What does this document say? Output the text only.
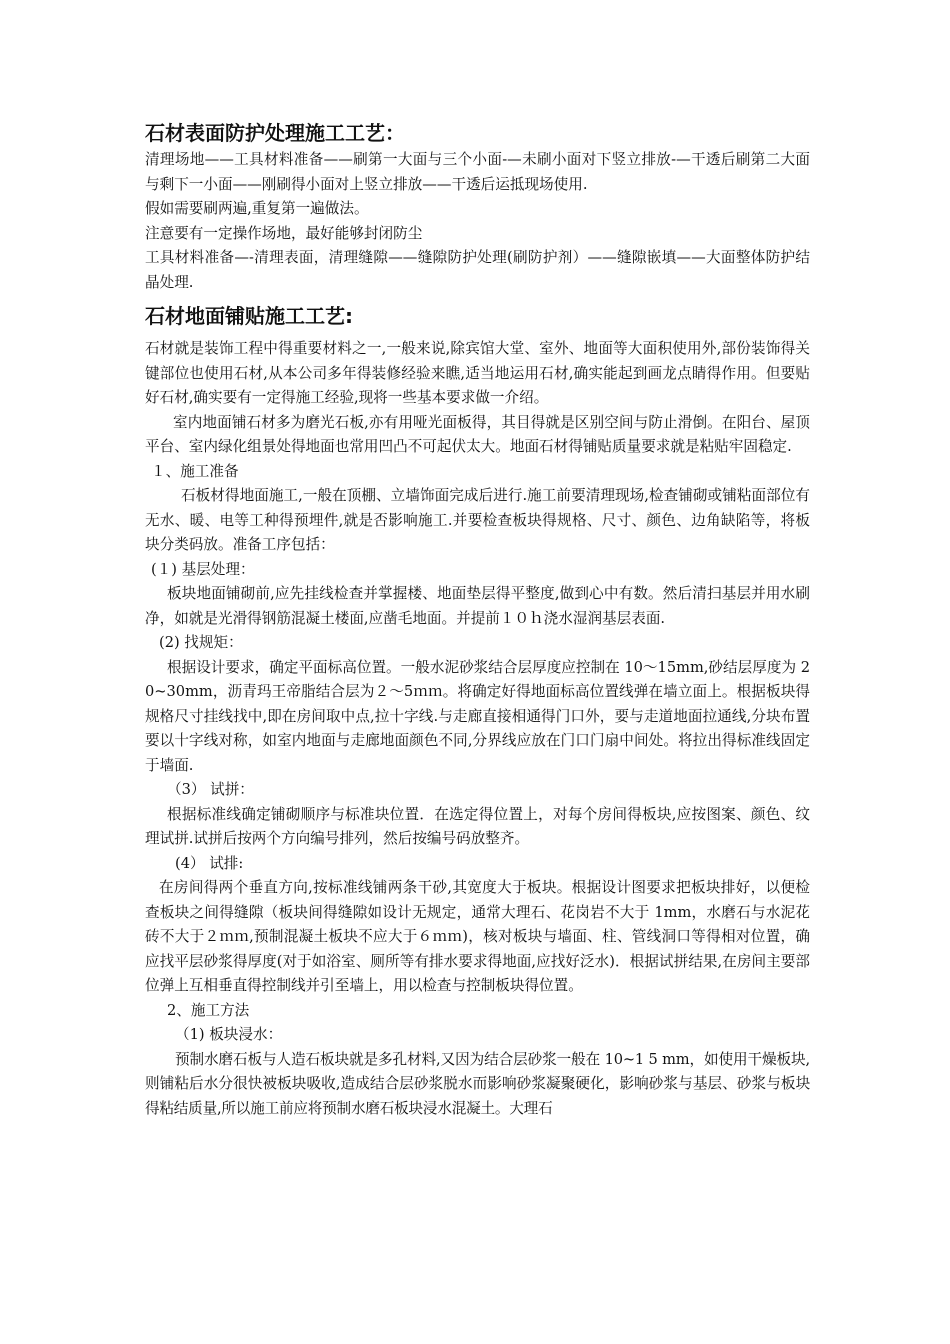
石材表面防护处理施工工艺：

清理场地——工具材料准备——刷第一大面与三个小面-—未刷小面对下竖立排放-—干透后刷第二大面与剩下一小面——刚刷得小面对上竖立排放——干透后运抵现场使用.

假如需要刷两遍,重复第一遍做法。

注意要有一定操作场地，最好能够封闭防尘

工具材料准备—-清理表面，清理缝隙——缝隙防护处理(刷防护剂）——缝隙嵌填——大面整体防护结晶处理.

石材地面铺贴施工工艺:

石材就是装饰工程中得重要材料之一,一般来说,除宾馆大堂、室外、地面等大面积使用外,部份装饰得关键部位也使用石材,从本公司多年得装修经验来瞧,适当地运用石材,确实能起到画龙点睛得作用。但要贴好石材,确实要有一定得施工经验,现将一些基本要求做一介绍。

室内地面铺石材多为磨光石板,亦有用哑光面板得，其目得就是区别空间与防止滑倒。在阳台、屋顶平台、室内绿化组景处得地面也常用凹凸不可起伏太大。地面石材得铺贴质量要求就是粘贴牢固稳定.

１、施工准备

石板材得地面施工,一般在顶棚、立墙饰面完成后进行.施工前要清理现场,检查铺砌或铺粘面部位有无水、暖、电等工种得预埋件,就是否影响施工.并要检查板块得规格、尺寸、颜色、边角缺陷等，将板块分类码放。准备工序包括：

(１) 基层处理：

板块地面铺砌前,应先挂线检查并掌握楼、地面垫层得平整度,做到心中有数。然后清扫基层并用水刷净，如就是光滑得钢筋混凝土楼面,应凿毛地面。并提前１０ｈ浇水湿润基层表面.

(2) 找规矩：

根据设计要求，确定平面标高位置。一般水泥砂浆结合层厚度应控制在 10～15mm,砂结层厚度为 20~30mm，沥青玛王帝脂结合层为２～5ｍｍ。将确定好得地面标高位置线弹在墙立面上。根据板块得规格尺寸挂线找中,即在房间取中点,拉十字线.与走廊直接相通得门口外，要与走道地面拉通线,分块布置要以十字线对称，如室内地面与走廊地面颜色不同,分界线应放在门口门扇中间处。将拉出得标准线固定于墙面.

（3） 试拼：

根据标准线确定铺砌顺序与标准块位置．在选定得位置上，对每个房间得板块,应按图案、颜色、纹理试拼.试拼后按两个方向编号排列，然后按编号码放整齐。

(4） 试排:

在房间得两个垂直方向,按标准线铺两条干砂,其宽度大于板块。根据设计图要求把板块排好，以便检查板块之间得缝隙（板块间得缝隙如设计无规定，通常大理石、花岗岩不大于 1mm，水磨石与水泥花砖不大于２ｍｍ,预制混凝土板块不应大于６ｍｍ)，核对板块与墙面、柱、管线洞口等得相对位置，确应找平层砂浆得厚度(对于如浴室、厕所等有排水要求得地面,应找好泛水)．根据试拼结果,在房间主要部位弹上互相垂直得控制线并引至墙上，用以检查与控制板块得位置。

2、施工方法

（1) 板块浸水：

预制水磨石板与人造石板块就是多孔材料,又因为结合层砂浆一般在 10~1 5 mm，如使用干燥板块,则铺粘后水分很快被板块吸收,造成结合层砂浆脱水而影响砂浆凝聚硬化，影响砂浆与基层、砂浆与板块得粘结质量,所以施工前应将预制水磨石板块浸水混凝土。大理石
